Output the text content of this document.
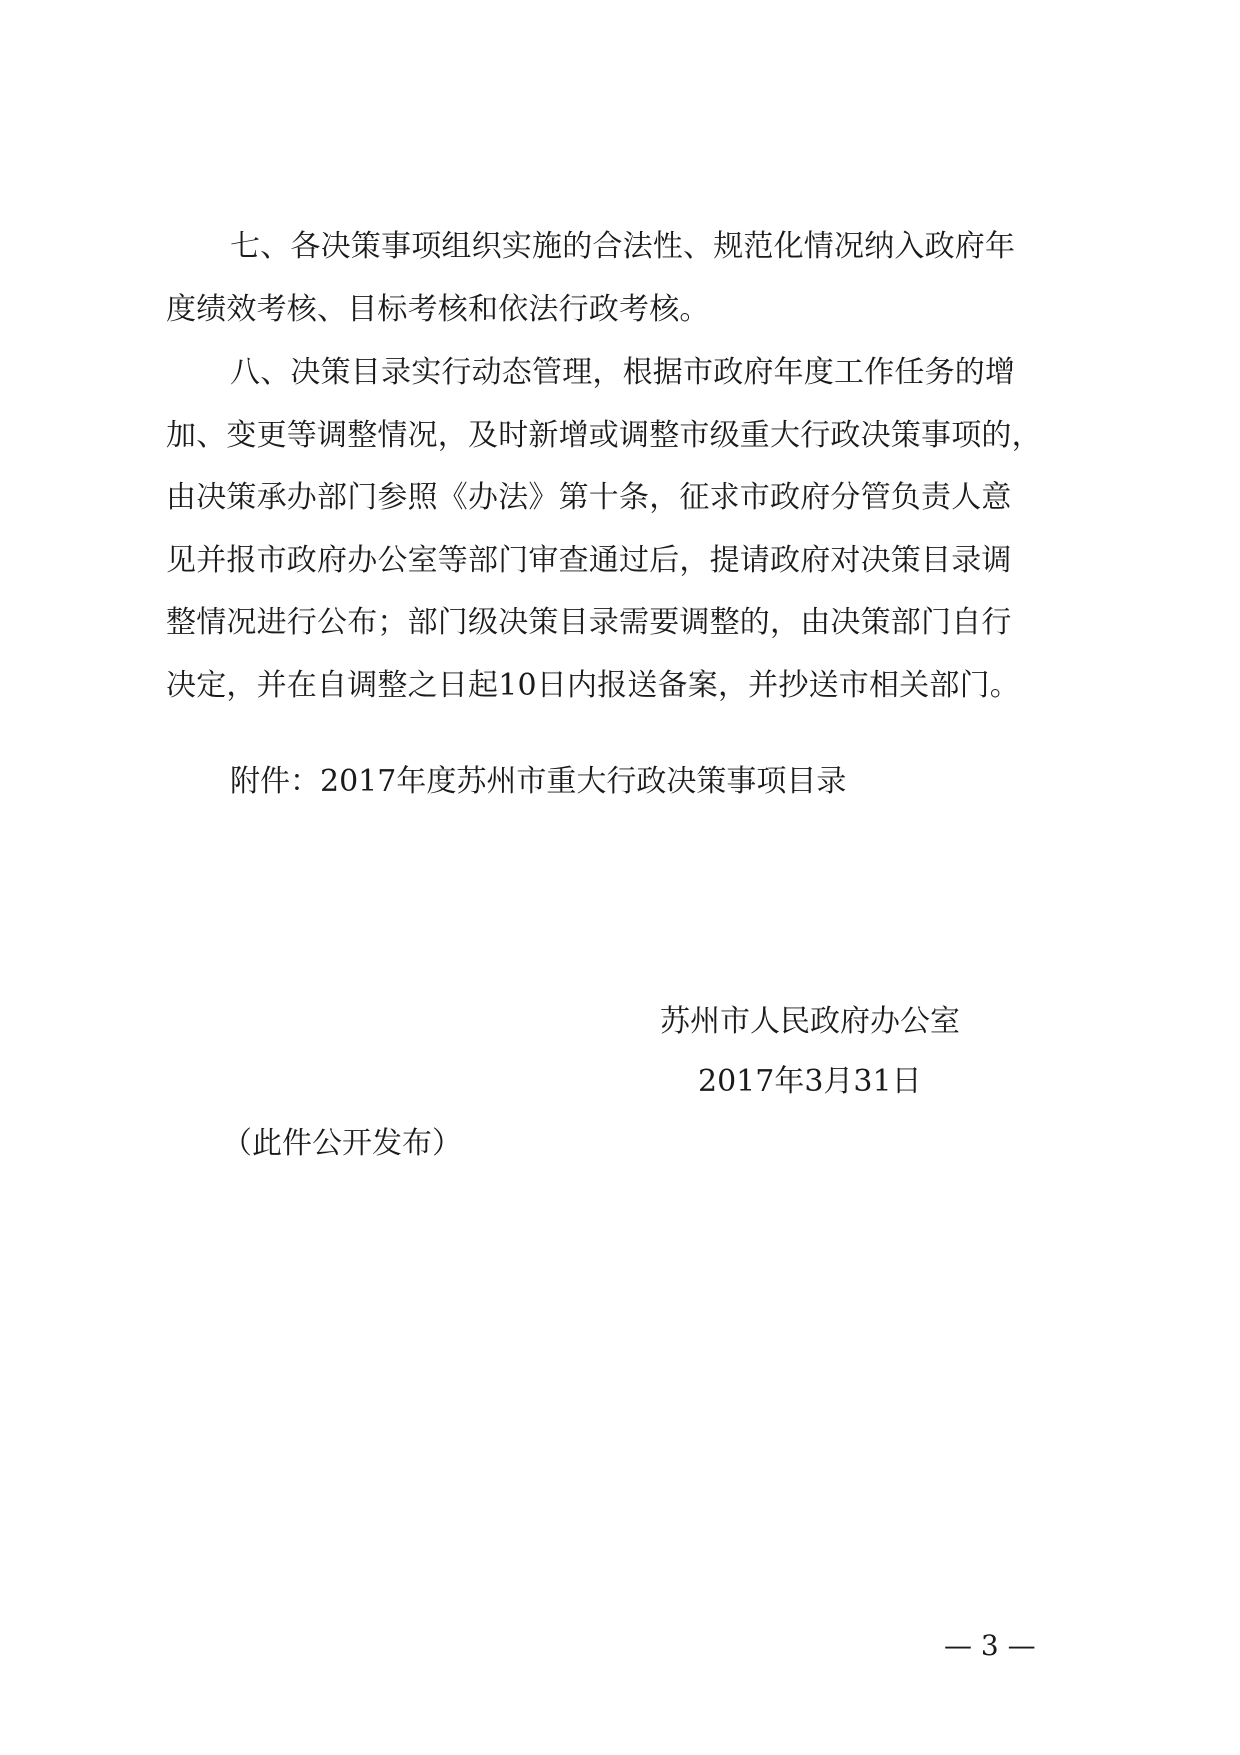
七、各决策事项组织实施的合法性、规范化情况纳入政府年
度绩效考核、目标考核和依法行政考核。
八、决策目录实行动态管理，根据市政府年度工作任务的增
加、变更等调整情况，及时新增或调整市级重大行政决策事项的，
由决策承办部门参照《办法》第十条，征求市政府分管负责人意
见并报市政府办公室等部门审查通过后，提请政府对决策目录调
整情况进行公布；部门级决策目录需要调整的，由决策部门自行
决定，并在自调整之日起10日内报送备案，并抄送市相关部门。
附件：2017年度苏州市重大行政决策事项目录
苏州市人民政府办公室
2017年3月31日
（此件公开发布）
— 3 —
